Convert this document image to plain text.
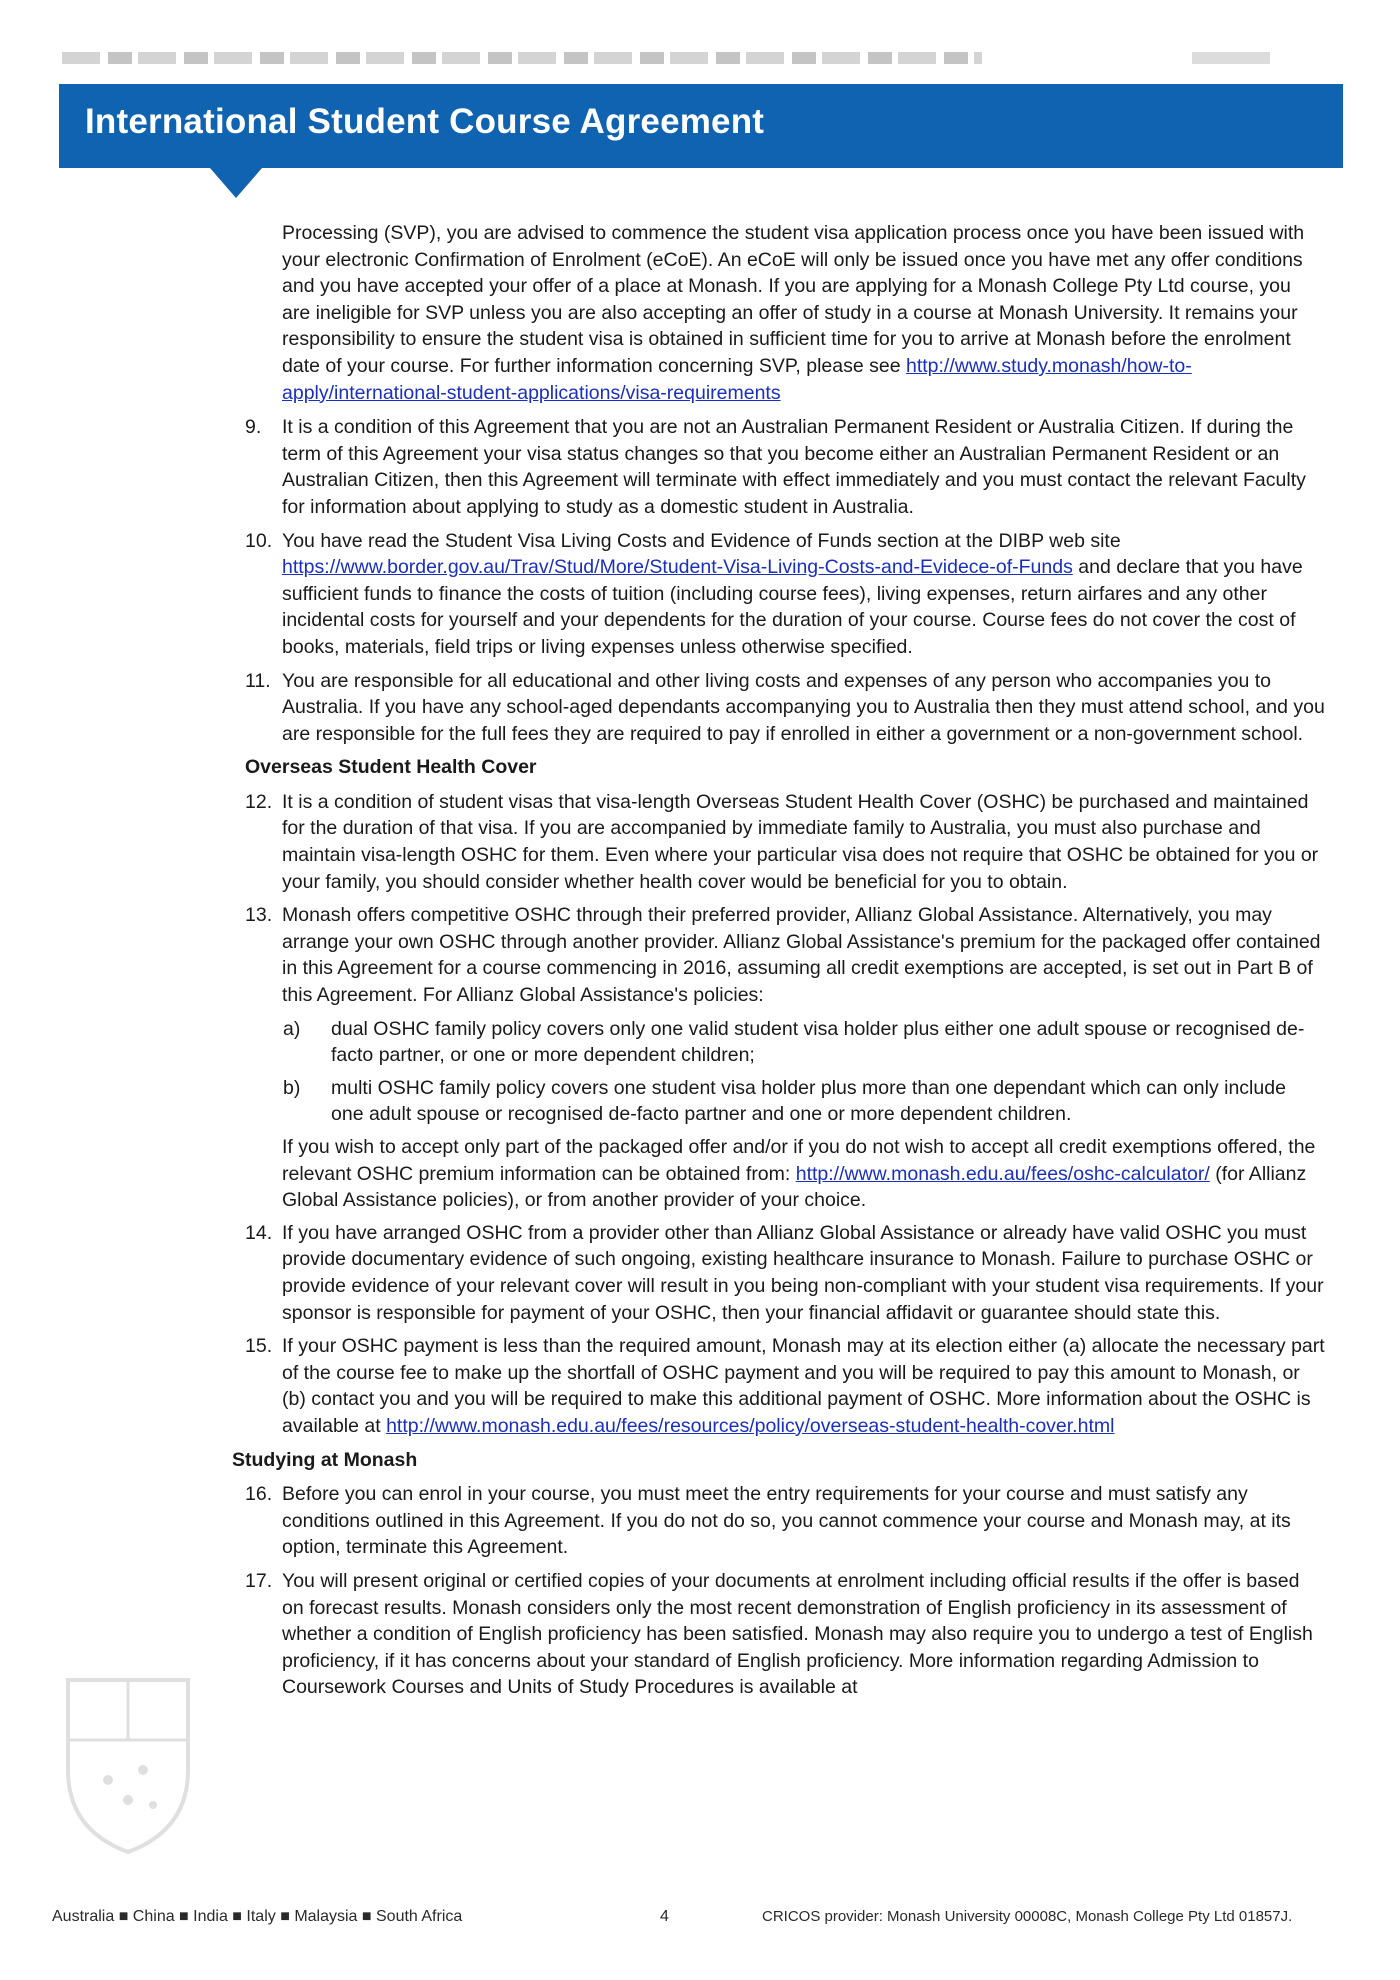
International Student Course Agreement

Processing (SVP), you are advised to commence the student visa application process once you have been issued with your electronic Confirmation of Enrolment (eCoE). An eCoE will only be issued once you have met any offer conditions and you have accepted your offer of a place at Monash. If you are applying for a Monash College Pty Ltd course, you are ineligible for SVP unless you are also accepting an offer of study in a course at Monash University. It remains your responsibility to ensure the student visa is obtained in sufficient time for you to arrive at Monash before the enrolment date of your course. For further information concerning SVP, please see http://www.study.monash/how-to-apply/international-student-applications/visa-requirements

9.	It is a condition of this Agreement that you are not an Australian Permanent Resident or Australia Citizen. If during the term of this Agreement your visa status changes so that you become either an Australian Permanent Resident or an Australian Citizen, then this Agreement will terminate with effect immediately and you must contact the relevant Faculty for information about applying to study as a domestic student in Australia.
10. You have read the Student Visa Living Costs and Evidence of Funds section at the DIBP web site https://www.border.gov.au/Trav/Stud/More/Student-Visa-Living-Costs-and-Evidece-of-Funds and declare that you have sufficient funds to finance the costs of tuition (including course fees), living expenses, return airfares and any other incidental costs for yourself and your dependents for the duration of your course. Course fees do not cover the cost of books, materials, field trips or living expenses unless otherwise specified.
11. You are responsible for all educational and other living costs and expenses of any person who accompanies you to Australia. If you have any school-aged dependants accompanying you to Australia then they must attend school, and you are responsible for the full fees they are required to pay if enrolled in either a government or a non-government school.
Overseas Student Health Cover
12. It is a condition of student visas that visa-length Overseas Student Health Cover (OSHC) be purchased and maintained for the duration of that visa. If you are accompanied by immediate family to Australia, you must also purchase and maintain visa-length OSHC for them. Even where your particular visa does not require that OSHC be obtained for you or your family, you should consider whether health cover would be beneficial for you to obtain.
13. Monash offers competitive OSHC through their preferred provider, Allianz Global Assistance. Alternatively, you may arrange your own OSHC through another provider. Allianz Global Assistance's premium for the packaged offer contained in this Agreement for a course commencing in 2016, assuming all credit exemptions are accepted, is set out in Part B of this Agreement. For Allianz Global Assistance's policies:
a) dual OSHC family policy covers only one valid student visa holder plus either one adult spouse or recognised de-facto partner, or one or more dependent children;
b) multi OSHC family policy covers one student visa holder plus more than one dependant which can only include one adult spouse or recognised de-facto partner and one or more dependent children.

If you wish to accept only part of the packaged offer and/or if you do not wish to accept all credit exemptions offered, the relevant OSHC premium information can be obtained from: http://www.monash.edu.au/fees/oshc-calculator/ (for Allianz Global Assistance policies), or from another provider of your choice.

14. If you have arranged OSHC from a provider other than Allianz Global Assistance or already have valid OSHC you must provide documentary evidence of such ongoing, existing healthcare insurance to Monash. Failure to purchase OSHC or provide evidence of your relevant cover will result in you being non-compliant with your student visa requirements. If your sponsor is responsible for payment of your OSHC, then your financial affidavit or guarantee should state this.
15. If your OSHC payment is less than the required amount, Monash may at its election either (a) allocate the necessary part of the course fee to make up the shortfall of OSHC payment and you will be required to pay this amount to Monash, or (b) contact you and you will be required to make this additional payment of OSHC. More information about the OSHC is available at http://www.monash.edu.au/fees/resources/policy/overseas-student-health-cover.html
Studying at Monash
16. Before you can enrol in your course, you must meet the entry requirements for your course and must satisfy any conditions outlined in this Agreement. If you do not do so, you cannot commence your course and Monash may, at its option, terminate this Agreement.
17. You will present original or certified copies of your documents at enrolment including official results if the offer is based on forecast results. Monash considers only the most recent demonstration of English proficiency in its assessment of whether a condition of English proficiency has been satisfied. Monash may also require you to undergo a test of English proficiency, if it has concerns about your standard of English proficiency. More information regarding Admission to Coursework Courses and Units of Study Procedures is available at
Australia ■ China ■ India ■ Italy ■ Malaysia ■ South Africa	4	CRICOS provider: Monash University 00008C, Monash College Pty Ltd 01857J.
